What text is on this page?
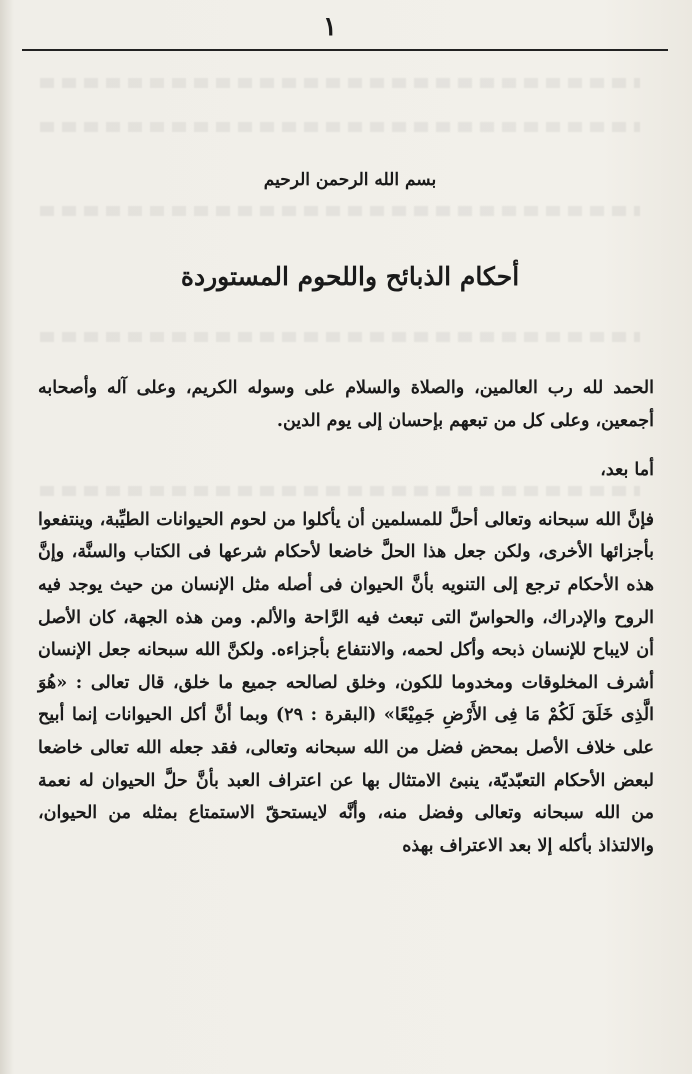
١
بسم الله الرحمن الرحيم
أحكام الذبائح واللحوم المستوردة

الحمد لله رب العالمين، والصلاة والسلام على وسوله الكريم، وعلى آله وأصحابه أجمعين، وعلى كل من تبعهم بإحسان إلى يوم الدين.

أما بعد،

فإنَّ الله سبحانه وتعالى أحلَّ للمسلمين أن يأكلوا من لحوم الحيوانات الطيِّبة، وينتفعوا بأجزائها الأخرى، ولكن جعل هذا الحلَّ خاضعا لأحكام شرعها فى الكتاب والسنَّة، وإنَّ هذه الأحكام ترجع إلى التنويه بأنَّ الحيوان فى أصله مثل الإنسان من حيث يوجد فيه الروح والإدراك، والحواسّ التى تبعث فيه الرَّاحة والألم. ومن هذه الجهة، كان الأصل أن لايباح للإنسان ذبحه وأكل لحمه، والانتفاع بأجزاءه. ولكنَّ الله سبحانه جعل الإنسان أشرف المخلوقات ومخدوما للكون، وخلق لصالحه جميع ما خلق، قال تعالى : «هُوَ الَّذِى خَلَقَ لَكُمْ مَا فِى الأَرْضِ جَمِيْعًا» (البقرة : ٢٩) وبما أنَّ أكل الحيوانات إنما أبيح على خلاف الأصل بمحض فضل من الله سبحانه وتعالى، فقد جعله الله تعالى خاضعا لبعض الأحكام التعبّديّة، ينبئ الامتثال بها عن اعتراف العبد بأنَّ حلَّ الحيوان له نعمة من الله سبحانه وتعالى وفضل منه، وأنَّه لايستحقّ الاستمتاع بمثله من الحيوان، والالتذاذ بأكله إلا بعد الاعتراف بهذه
